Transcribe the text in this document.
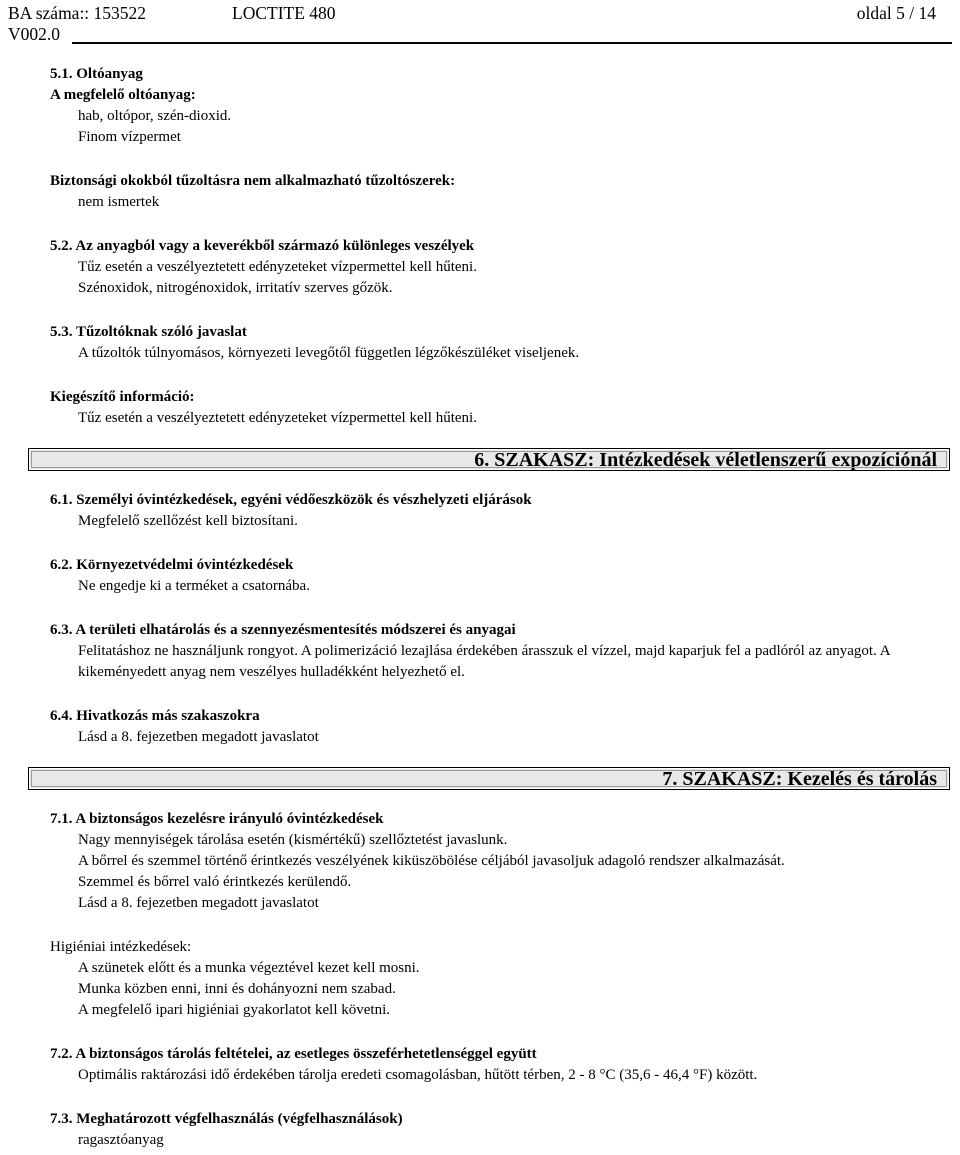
BA száma:: 153522
V002.0
LOCTITE 480	oldal 5 / 14
5.1. Oltóanyag
A megfelelő oltóanyag:
hab, oltópor, szén-dioxid.
Finom vízpermet
Biztonsági okokból tűzoltásra nem alkalmazható tűzoltószerek:
nem ismertek
5.2. Az anyagból vagy a keverékből származó különleges veszélyek
Tűz esetén a veszélyeztetett edényzeteket vízpermettel kell hűteni.
Szénoxidok, nitrogénoxidok, irritatív szerves gőzök.
5.3. Tűzoltóknak szóló javaslat
A tűzoltók túlnyomásos, környezeti levegőtől független légzőkészüléket viseljenek.
Kiegészítő információ:
Tűz esetén a veszélyeztetett edényzeteket vízpermettel kell hűteni.
6. SZAKASZ: Intézkedések véletlenszerű expozíciónál
6.1. Személyi óvintézkedések, egyéni védőeszközök és vészhelyzeti eljárások
Megfelelő szellőzést kell biztosítani.
6.2. Környezetvédelmi óvintézkedések
Ne engedje ki a terméket a csatornába.
6.3. A területi elhatárolás és a szennyezésmentesítés módszerei és anyagai
Felitatáshoz ne használjunk rongyot. A polimerizáció lezajlása érdekében árasszuk el vízzel, majd kaparjuk fel a padlóról az anyagot. A kikeményedett anyag nem veszélyes hulladékként helyezhető el.
6.4. Hivatkozás más szakaszokra
Lásd a 8. fejezetben megadott javaslatot
7. SZAKASZ: Kezelés és tárolás
7.1. A biztonságos kezelésre irányuló óvintézkedések
Nagy mennyiségek tárolása esetén (kismértékű) szellőztetést javaslunk.
A bőrrel és szemmel történő érintkezés veszélyének kiküszöbölése céljából javasoljuk adagoló rendszer alkalmazását.
Szemmel és bőrrel való érintkezés kerülendő.
Lásd a 8. fejezetben megadott javaslatot
Higiéniai intézkedések:
A szünetek előtt és a munka végeztével kezet kell mosni.
Munka közben enni, inni és dohányozni nem szabad.
A megfelelő ipari higiéniai gyakorlatot kell követni.
7.2. A biztonságos tárolás feltételei, az esetleges összeférhetetlenséggel együtt
Optimális raktározási idő érdekében tárolja eredeti csomagolásban, hűtött térben, 2 - 8 °C (35,6 - 46,4 °F) között.
7.3. Meghatározott végfelhasználás (végfelhasználások)
ragasztóanyag
